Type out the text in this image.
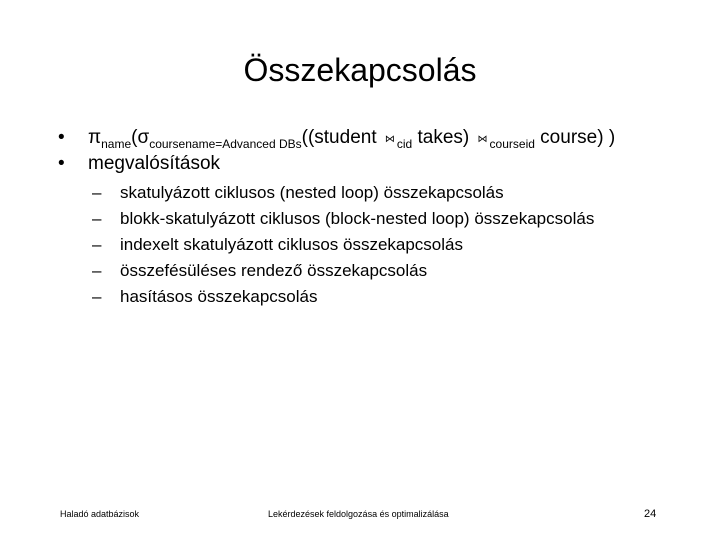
Összekapcsolás
• $\pi_{name}(\sigma_{coursename=Advanced DBs}((student$ ⋈ $_{cid}$ takes) ⋈ $_{courseid}$ course) )
• megvalósítások
– skatulyázott ciklusos (nested loop) összekapcsolás
– blokk-skatulyázott ciklusos (block-nested loop) összekapcsolás
– indexelt skatulyázott ciklusos összekapcsolás
– összefésüléses rendező összekapcsolás
– hasításos összekapcsolás
Haladó adatbázisok	Lekérdezések feldolgozása és optimalizálása	24
